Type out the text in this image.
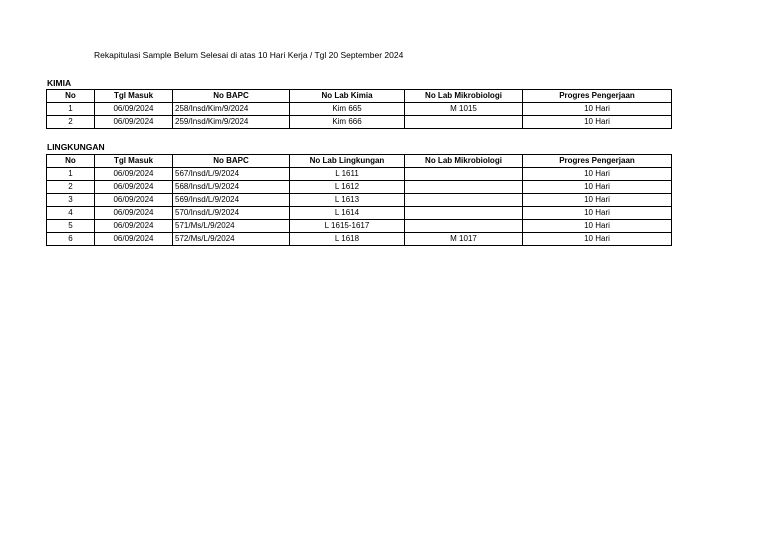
Rekapitulasi Sample Belum Selesai di atas 10 Hari Kerja / Tgl 20 September 2024
KIMIA
No	Tgl Masuk	No BAPC	No Lab Kimia	No Lab Mikrobiologi	Progres Pengerjaan
1	06/09/2024	258/Insd/Kim/9/2024	Kim 665	M 1015	10 Hari
2	06/09/2024	259/Insd/Kim/9/2024	Kim 666		10 Hari
LINGKUNGAN
No	Tgl Masuk	No BAPC	No Lab Lingkungan	No Lab Mikrobiologi	Progres Pengerjaan
1	06/09/2024	567/Insd/L/9/2024	L 1611		10 Hari
2	06/09/2024	568/Insd/L/9/2024	L 1612		10 Hari
3	06/09/2024	569/Insd/L/9/2024	L 1613		10 Hari
4	06/09/2024	570/Insd/L/9/2024	L 1614		10 Hari
5	06/09/2024	571/Ms/L/9/2024	L 1615-1617		10 Hari
6	06/09/2024	572/Ms/L/9/2024	L 1618	M 1017	10 Hari
